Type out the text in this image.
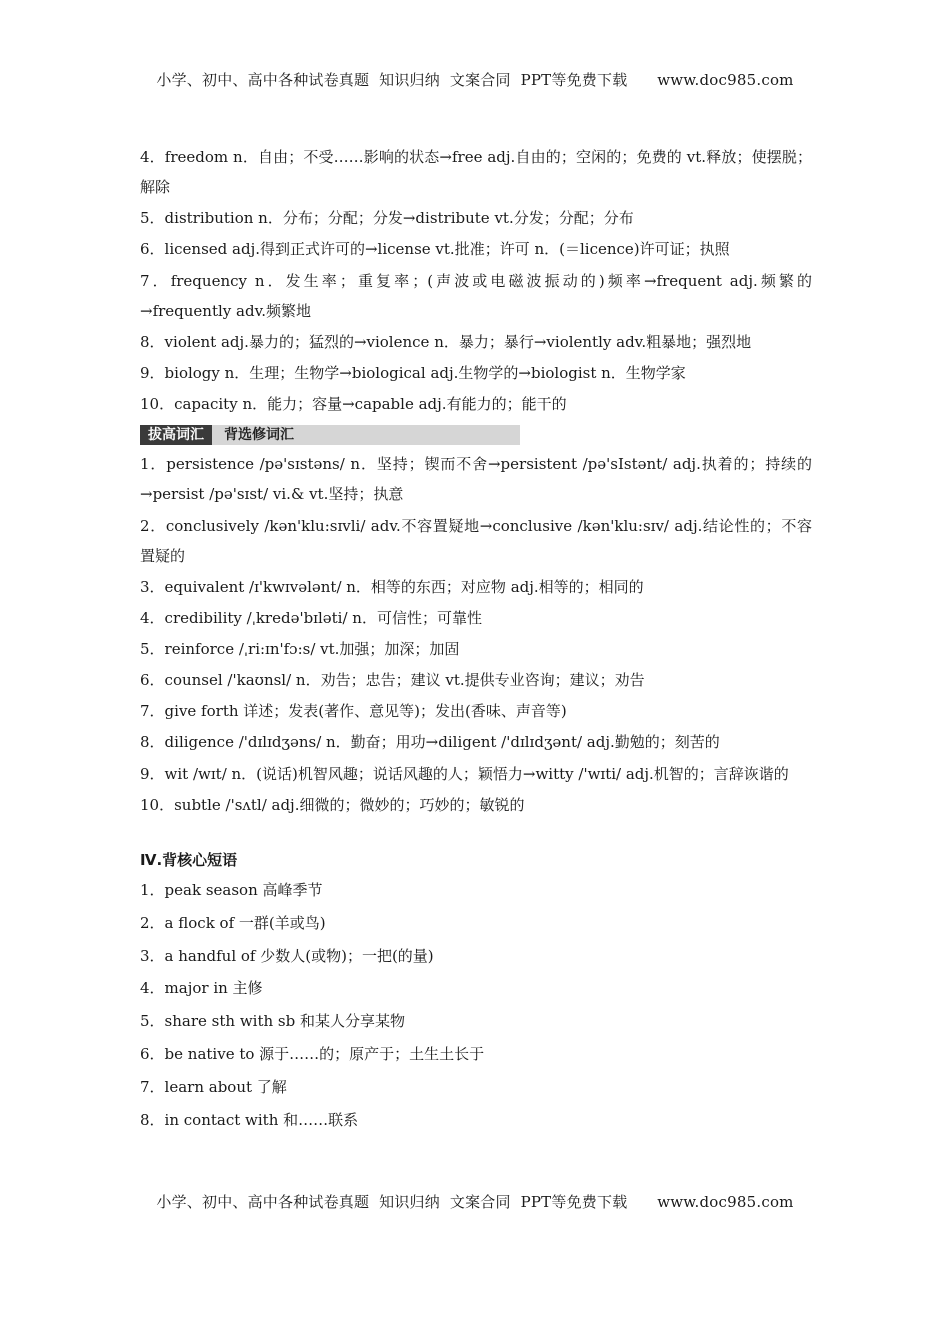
小学、初中、高中各种试卷真题  知识归纳  文案合同  PPT等免费下载      www.doc985.com

4．freedom n．自由；不受……影响的状态→free adj.自由的；空闲的；免费的 vt.释放；使摆脱；解除

5．distribution n．分布；分配；分发→distribute vt.分发；分配；分布

6．licensed adj.得到正式许可的→license vt.批准；许可 n．(＝licence)许可证；执照

7．frequency n．发生率；重复率；(声波或电磁波振动的)频率→frequent adj.频繁的→frequently adv.频繁地

8．violent adj.暴力的；猛烈的→violence n．暴力；暴行→violently adv.粗暴地；强烈地

9．biology n．生理；生物学→biological adj.生物学的→biologist n．生物学家

10．capacity n．能力；容量→capable adj.有能力的；能干的

拔高词汇	背选修词汇

1．persistence /pə'sɪstəns/ n．坚持；锲而不舍→persistent /pə'sIstənt/ adj.执着的；持续的→persist /pə'sɪst/ vi.& vt.坚持；执意

2．conclusively /kən'klu:sɪvli/ adv.不容置疑地→conclusive /kən'klu:sɪv/ adj.结论性的；不容置疑的

3．equivalent /ɪ'kwɪvələnt/ n．相等的东西；对应物 adj.相等的；相同的

4．credibility /ˌkredə'bɪləti/ n．可信性；可靠性

5．reinforce /ˌri:ɪn'fɔ:s/ vt.加强；加深；加固

6．counsel /'kaʊnsl/ n．劝告；忠告；建议 vt.提供专业咨询；建议；劝告

7．give forth 详述；发表(著作、意见等)；发出(香味、声音等)

8．diligence /'dɪlɪdʒəns/ n．勤奋；用功→diligent /'dɪlɪdʒənt/ adj.勤勉的；刻苦的

9．wit /wɪt/ n．(说话)机智风趣；说话风趣的人；颖悟力→witty /'wɪti/ adj.机智的；言辞诙谐的

10．subtle /'sʌtl/ adj.细微的；微妙的；巧妙的；敏锐的

Ⅳ.背核心短语

1．peak season 高峰季节

2．a flock of 一群(羊或鸟)

3．a handful of 少数人(或物)；一把(的量)

4．major in 主修

5．share sth with sb 和某人分享某物

6．be native to 源于……的；原产于；土生土长于

7．learn about 了解

8．in contact with 和……联系

小学、初中、高中各种试卷真题  知识归纳  文案合同  PPT等免费下载      www.doc985.com
